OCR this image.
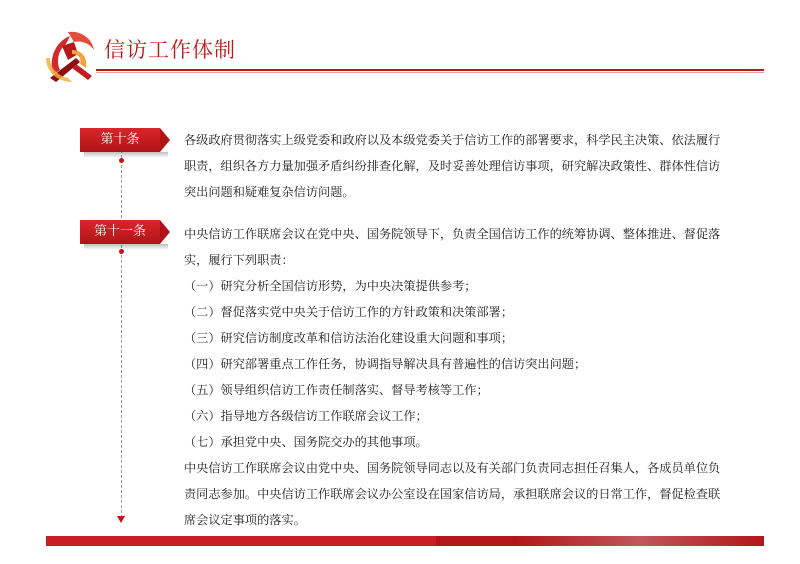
信访工作体制
第十条	各级政府贯彻落实上级党委和政府以及本级党委关于信访工作的部署要求，科学民主决策、依法履行
职责，组织各方力量加强矛盾纠纷排查化解，及时妥善处理信访事项，研究解决政策性、群体性信访
突出问题和疑难复杂信访问题。
第十一条	中央信访工作联席会议在党中央、国务院领导下，负责全国信访工作的统筹协调、整体推进、督促落
实，履行下列职责：
（一）研究分析全国信访形势，为中央决策提供参考；
（二）督促落实党中央关于信访工作的方针政策和决策部署；
（三）研究信访制度改革和信访法治化建设重大问题和事项；
（四）研究部署重点工作任务，协调指导解决具有普遍性的信访突出问题；
（五）领导组织信访工作责任制落实、督导考核等工作；
（六）指导地方各级信访工作联席会议工作；
（七）承担党中央、国务院交办的其他事项。
中央信访工作联席会议由党中央、国务院领导同志以及有关部门负责同志担任召集人，各成员单位负
责同志参加。中央信访工作联席会议办公室设在国家信访局，承担联席会议的日常工作，督促检查联
席会议定事项的落实。
